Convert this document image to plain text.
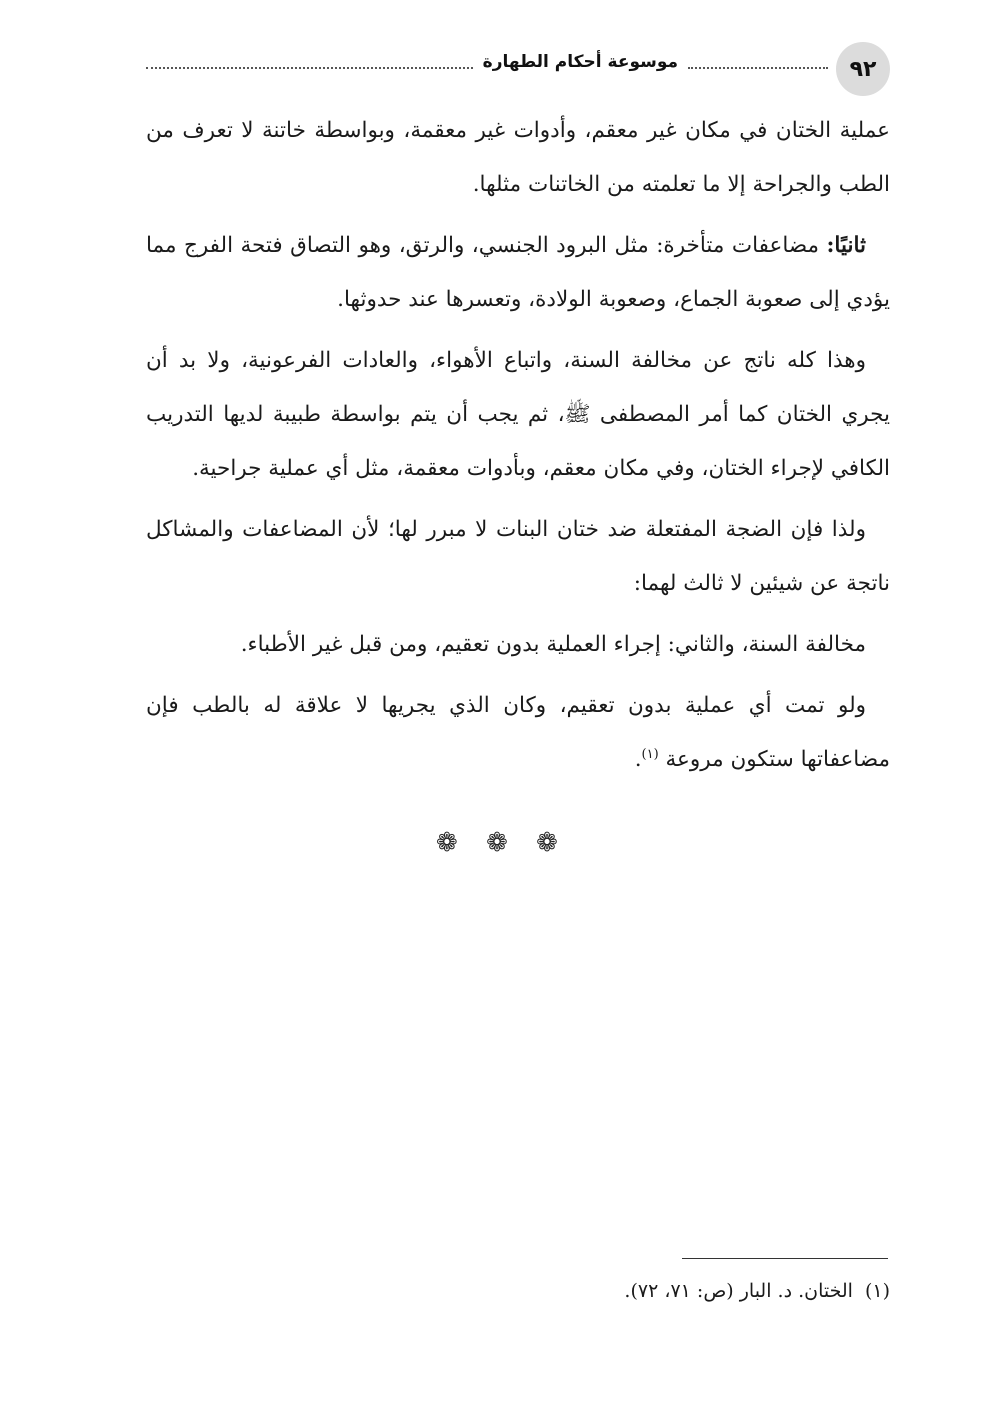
٩٢
موسوعة أحكام الطهارة

عملية الختان في مكان غير معقم، وأدوات غير معقمة، وبواسطة خاتنة لا تعرف من الطب والجراحة إلا ما تعلمته من الخاتنات مثلها.

ثانيًا: مضاعفات متأخرة: مثل البرود الجنسي، والرتق، وهو التصاق فتحة الفرج مما يؤدي إلى صعوبة الجماع، وصعوبة الولادة، وتعسرها عند حدوثها.

وهذا كله ناتج عن مخالفة السنة، واتباع الأهواء، والعادات الفرعونية، ولا بد أن يجري الختان كما أمر المصطفى ﷺ، ثم يجب أن يتم بواسطة طبيبة لديها التدريب الكافي لإجراء الختان، وفي مكان معقم، وبأدوات معقمة، مثل أي عملية جراحية.

ولذا فإن الضجة المفتعلة ضد ختان البنات لا مبرر لها؛ لأن المضاعفات والمشاكل ناتجة عن شيئين لا ثالث لهما:

مخالفة السنة، والثاني: إجراء العملية بدون تعقيم، ومن قبل غير الأطباء.

ولو تمت أي عملية بدون تعقيم، وكان الذي يجريها لا علاقة له بالطب فإن مضاعفاتها ستكون مروعة $^{(١)}$.

❁ ❁ ❁
(١)الختان. د. البار (ص: ٧١، ٧٢).
